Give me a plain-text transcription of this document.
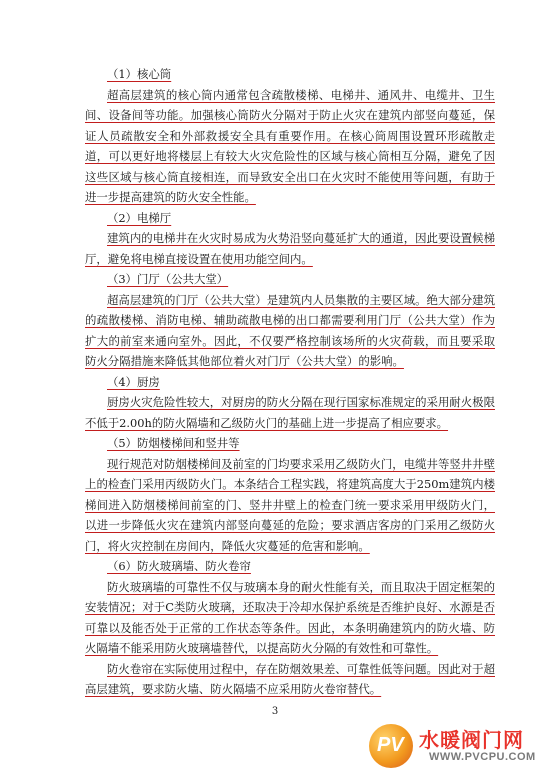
（1）核心筒

超高层建筑的核心筒内通常包含疏散楼梯、电梯井、通风井、电缆井、卫生间、设备间等功能。加强核心筒防火分隔对于防止火灾在建筑内部竖向蔓延，保证人员疏散安全和外部救援安全具有重要作用。在核心筒周围设置环形疏散走道，可以更好地将楼层上有较大火灾危险性的区域与核心筒相互分隔，避免了因这些区域与核心筒直接相连，而导致安全出口在火灾时不能使用等问题，有助于进一步提高建筑的防火安全性能。

（2）电梯厅

建筑内的电梯井在火灾时易成为火势沿竖向蔓延扩大的通道，因此要设置候梯厅，避免将电梯直接设置在使用功能空间内。

（3）门厅（公共大堂）

超高层建筑的门厅（公共大堂）是建筑内人员集散的主要区域。绝大部分建筑的疏散楼梯、消防电梯、辅助疏散电梯的出口都需要利用门厅（公共大堂）作为扩大的前室来通向室外。因此，不仅要严格控制该场所的火灾荷载，而且要采取防火分隔措施来降低其他部位着火对门厅（公共大堂）的影响。

（4）厨房

厨房火灾危险性较大，对厨房的防火分隔在现行国家标准规定的采用耐火极限不低于2.00h的防火隔墙和乙级防火门的基础上进一步提高了相应要求。

（5）防烟楼梯间和竖井等

现行规范对防烟楼梯间及前室的门均要求采用乙级防火门，电缆井等竖井井壁上的检查门采用丙级防火门。本条结合工程实践，将建筑高度大于250m建筑内楼梯间进入防烟楼梯间前室的门、竖井井壁上的检查门统一要求采用甲级防火门，以进一步降低火灾在建筑内部竖向蔓延的危险；要求酒店客房的门采用乙级防火门，将火灾控制在房间内，降低火灾蔓延的危害和影响。

（6）防火玻璃墙、防火卷帘

防火玻璃墙的可靠性不仅与玻璃本身的耐火性能有关，而且取决于固定框架的安装情况；对于C类防火玻璃，还取决于冷却水保护系统是否维护良好、水源是否可靠以及能否处于正常的工作状态等条件。因此，本条明确建筑内的防火墙、防火隔墙不能采用防火玻璃墙替代，以提高防火分隔的有效性和可靠性。

防火卷帘在实际使用过程中，存在防烟效果差、可靠性低等问题。因此对于超高层建筑，要求防火墙、防火隔墙不应采用防火卷帘替代。

3
PV 水暖阀门网
WWW.PVCPU.COM
